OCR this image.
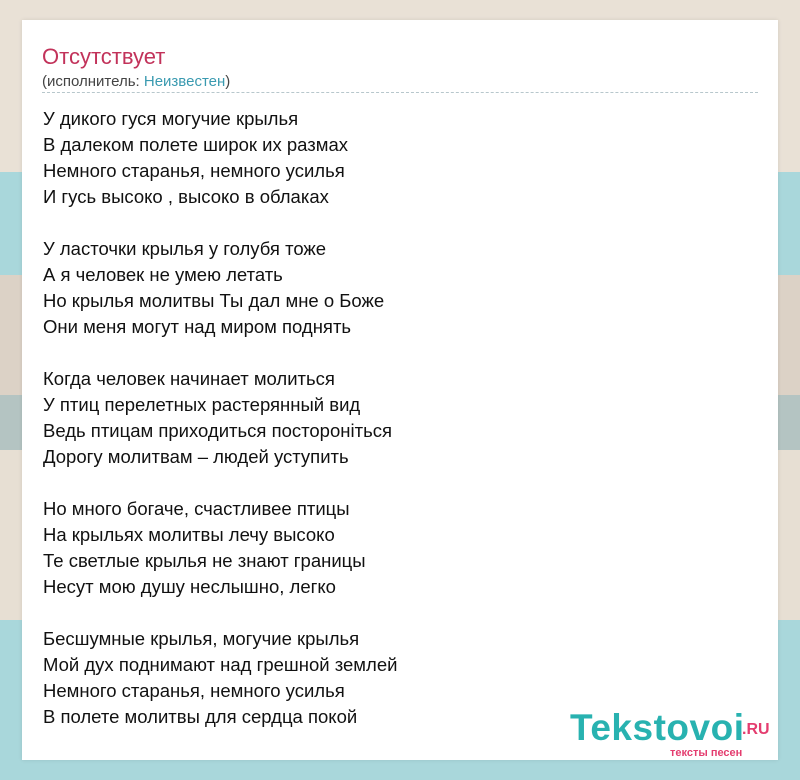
Отсутствует
(исполнитель: Неизвестен)
У дикого гуся могучие крылья
В далеком полете широк их размах
Немного старанья, немного усилья
И гусь высоко , высоко в облаках
У ласточки крылья у голубя тоже
А я человек не умею летать
Но крылья молитвы Ты дал мне о Боже
Они меня могут над миром поднять
Когда человек начинает молиться
У птиц перелетных растерянный вид
Ведь птицам приходиться постороніться
Дорогу молитвам – людей уступить
Но много богаче, счастливее птицы
На крыльях молитвы лечу высоко
Те светлые крылья не знают границы
Несут мою душу неслышно, легко
Бесшумные крылья, могучие крылья
Мой дух поднимают над грешной землей
Немного старанья, немного усилья
В полете молитвы для сердца покой	Tekstovoi
.RU
тексты песен
